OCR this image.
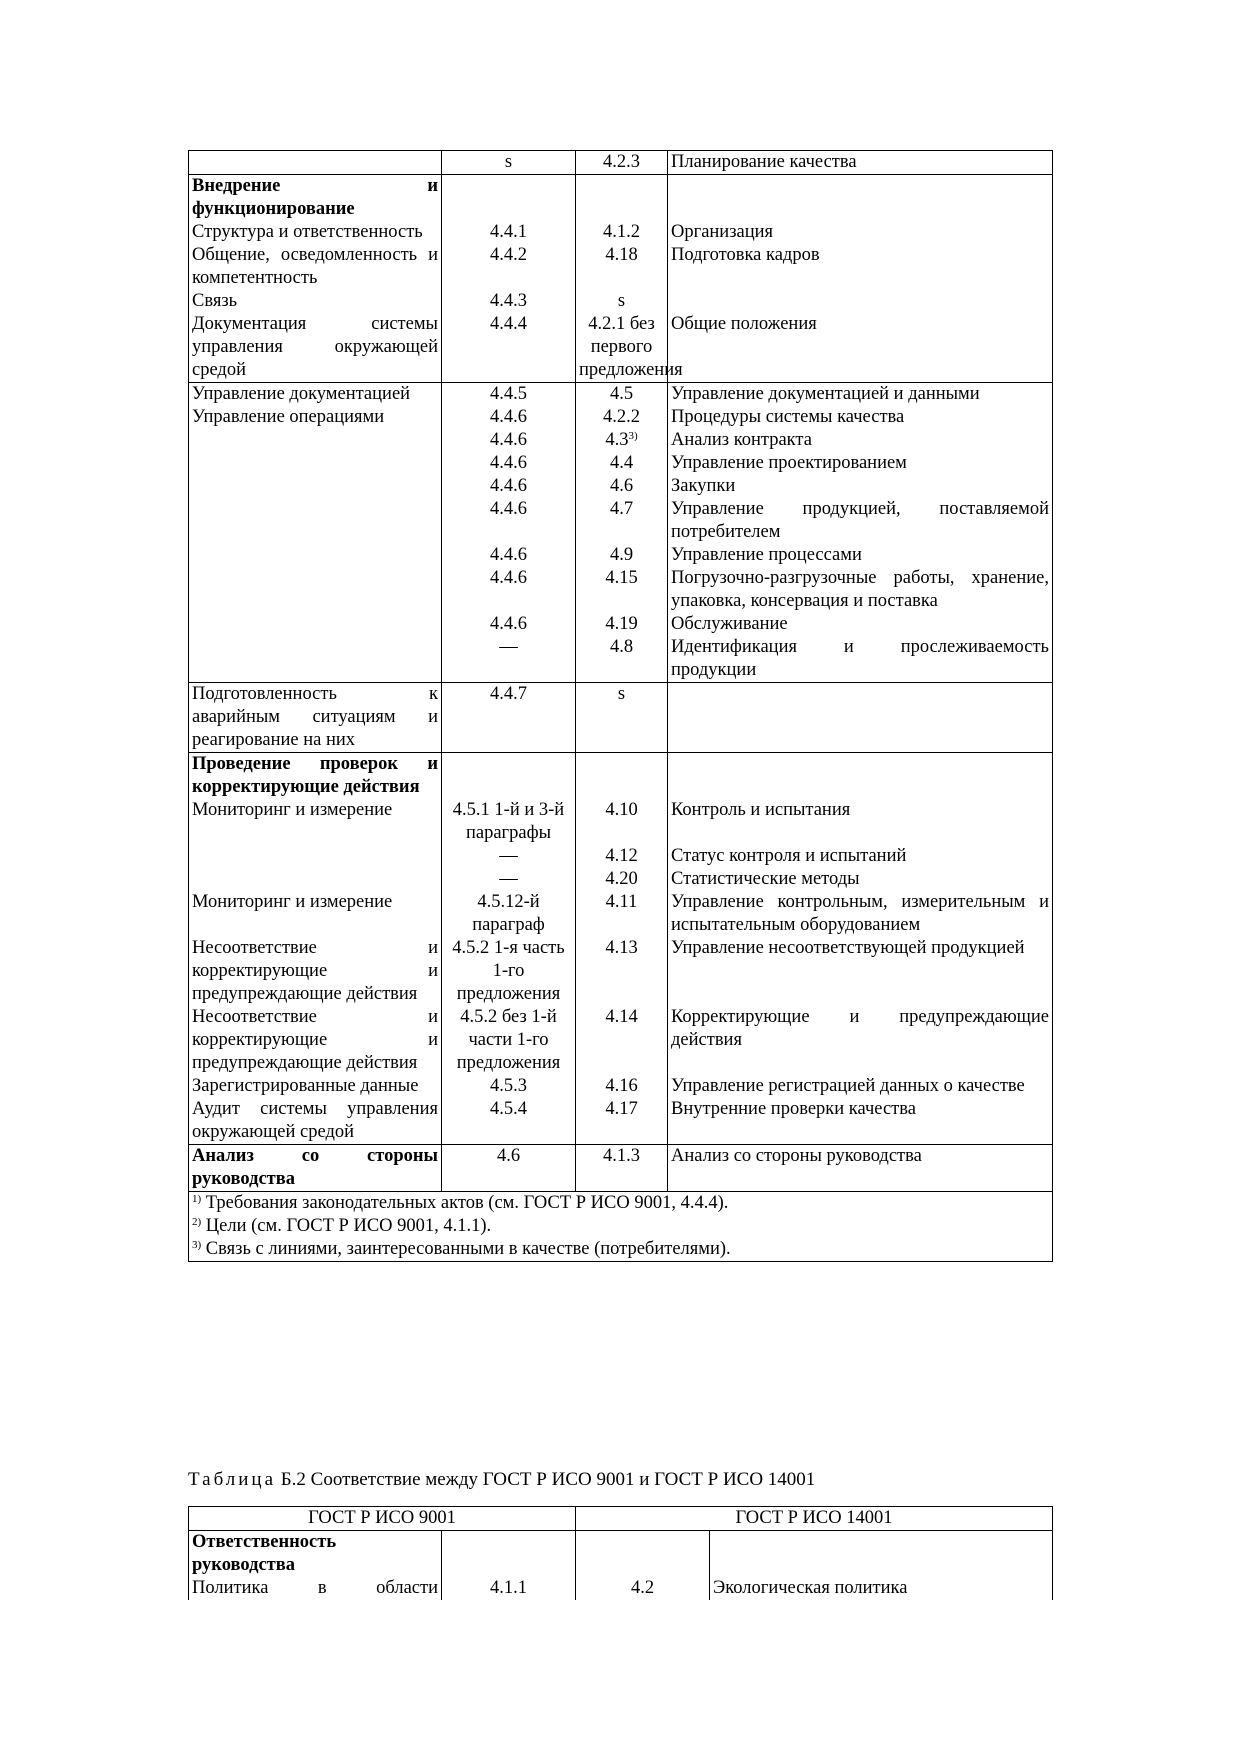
	s	4.2.3	Планирование качества
Внедрение и функционирование			
Структура и ответственность	4.4.1	4.1.2	Организация
Общение, осведомленность и компетентность	4.4.2	4.18	Подготовка кадров
Связь	4.4.3	s	
Документация системы управления окружающей средой	4.4.4	4.2.1 без первого предложения	Общие положения
Управление документацией	4.4.5	4.5	Управление документацией и данными
Управление операциями	4.4.6	4.2.2	Процедуры системы качества
	4.4.6	4.3$^{3)}$	Анализ контракта
	4.4.6	4.4	Управление проектированием
	4.4.6	4.6	Закупки
	4.4.6	4.7	Управление продукцией, поставляемой потребителем
	4.4.6	4.9	Управление процессами
	4.4.6	4.15	Погрузочно-разгрузочные работы, хранение, упаковка, консервация и поставка
	4.4.6	4.19	Обслуживание
	—	4.8	Идентификация и прослеживаемость продукции
Подготовленность к аварийным ситуациям и реагирование на них	4.4.7	s	
Проведение проверок и корректирующие действия			
Мониторинг и измерение	4.5.1 1-й и 3-й параграфы	4.10	Контроль и испытания
	—	4.12	Статус контроля и испытаний
	—	4.20	Статистические методы
Мониторинг и измерение	4.5.12-й параграф	4.11	Управление контрольным, измерительным и испытательным оборудованием
Несоответствие и корректирующие и предупреждающие действия	4.5.2 1-я часть 1-го предложения	4.13	Управление несоответствующей продукцией
Несоответствие и корректирующие и предупреждающие действия	4.5.2 без 1-й части 1-го предложения	4.14	Корректирующие и предупреждающие действия
Зарегистрированные данные	4.5.3	4.16	Управление регистрацией данных о качестве
Аудит системы управления окружающей средой	4.5.4	4.17	Внутренние проверки качества
Анализ со стороны руководства	4.6	4.1.3	Анализ со стороны руководства

$^{1)}$ Требования законодательных актов (см. ГОСТ Р ИСО 9001, 4.4.4).
$^{2)}$ Цели (см. ГОСТ Р ИСО 9001, 4.1.1).
$^{3)}$ Связь с линиями, заинтересованными в качестве (потребителями).			
Таблица Б.2 Соответствие между ГОСТ Р ИСО 9001 и ГОСТ Р ИСО 14001
ГОСТ Р ИСО 9001		ГОСТ Р ИСО 14001	
Ответственность руководства			
Политика в области	4.1.1	4.2	Экологическая политика
